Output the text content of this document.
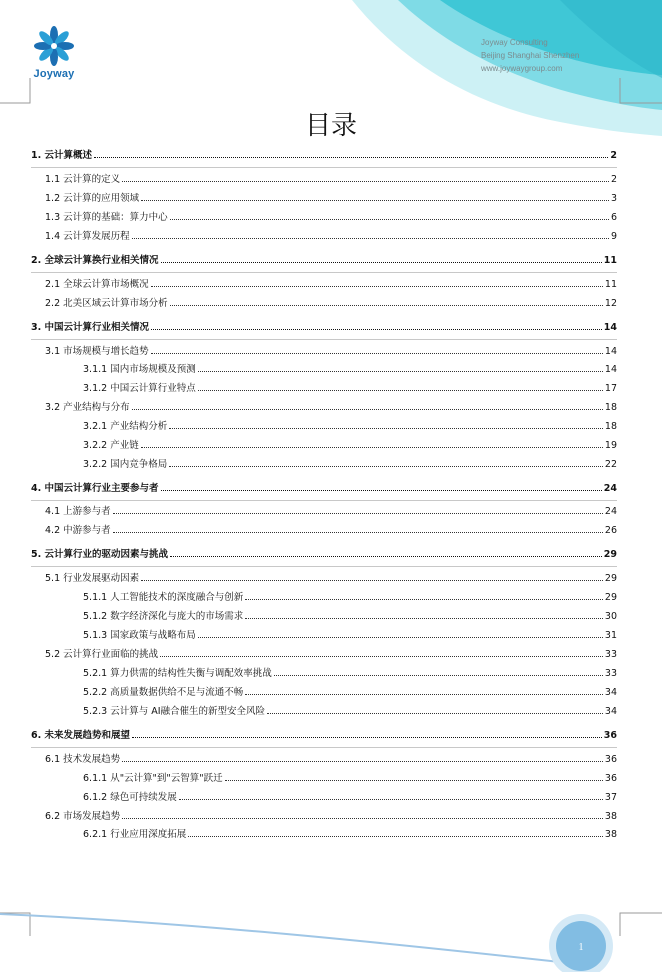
Joyway
Joyway Consulting
Beijing Shanghai Shenzhen
www.joywaygroup.com
目录
1. 云计算概述	2
1.1 云计算的定义	2
1.2 云计算的应用领域	3
1.3 云计算的基础：算力中心	6
1.4 云计算发展历程	9
2. 全球云计算换行业相关情况	11
2.1 全球云计算市场概况	11
2.2 北美区域云计算市场分析	12
3. 中国云计算行业相关情况	14
3.1 市场规模与增长趋势	14
3.1.1 国内市场规模及预测	14
3.1.2 中国云计算行业特点	17
3.2 产业结构与分布	18
3.2.1 产业结构分析	18
3.2.2 产业链	19
3.2.2 国内竞争格局	22
4. 中国云计算行业主要参与者	24
4.1 上游参与者	24
4.2 中游参与者	26
5. 云计算行业的驱动因素与挑战	29
5.1 行业发展驱动因素	29
5.1.1 人工智能技术的深度融合与创新	29
5.1.2 数字经济深化与庞大的市场需求	30
5.1.3 国家政策与战略布局	31
5.2 云计算行业面临的挑战	33
5.2.1 算力供需的结构性失衡与调配效率挑战	33
5.2.2 高质量数据供给不足与流通不畅	34
5.2.3 云计算与 AI融合催生的新型安全风险	34
6. 未来发展趋势和展望	36
6.1 技术发展趋势	36
6.1.1 从"云计算"到"云智算"跃迁	36
6.1.2 绿色可持续发展	37
6.2 市场发展趋势	38
6.2.1 行业应用深度拓展	38
1
